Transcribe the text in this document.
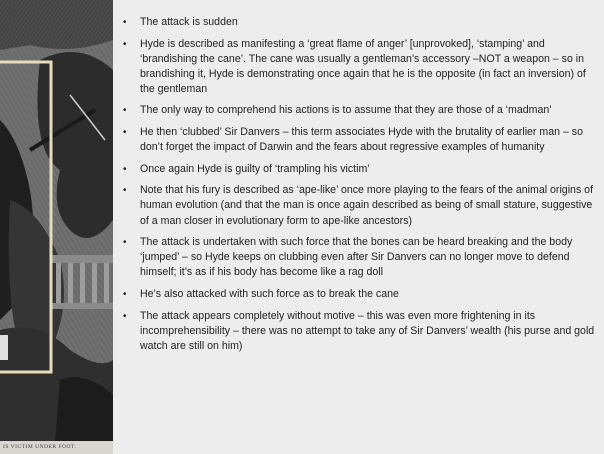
IS VICTIM UNDER FOOT.
• The attack is sudden
• Hyde is described as manifesting a ‘great flame of anger’ [unprovoked], ‘stamping’ and ‘brandishing the cane’. The cane was usually a gentleman’s accessory –NOT a weapon – so in brandishing it, Hyde is demonstrating once again that he is the opposite (in fact an inversion) of the gentleman
• The only way to comprehend his actions is to assume that they are those of a ‘madman’
• He then ‘clubbed’ Sir Danvers – this term associates Hyde with the brutality of earlier man – so don’t forget the impact of Darwin and the fears about regressive examples of humanity
• Once again Hyde is guilty of ‘trampling his victim’
• Note that his fury is described as ‘ape-like’ once more playing to the fears of the animal origins of human evolution (and that the man is once again described as being of small stature, suggestive of a man closer in evolutionary form to ape-like ancestors)
• The attack is undertaken with such force that the bones can be heard breaking and the body ‘jumped’ – so Hyde keeps on clubbing even after Sir Danvers can no longer move to defend himself; it’s as if his body has become like a rag doll
• He’s also attacked with such force as to break the cane
• The attack appears completely without motive – this was even more frightening in its incomprehensibility – there was no attempt to take any of Sir Danvers’ wealth (his purse and gold watch are still on him)
